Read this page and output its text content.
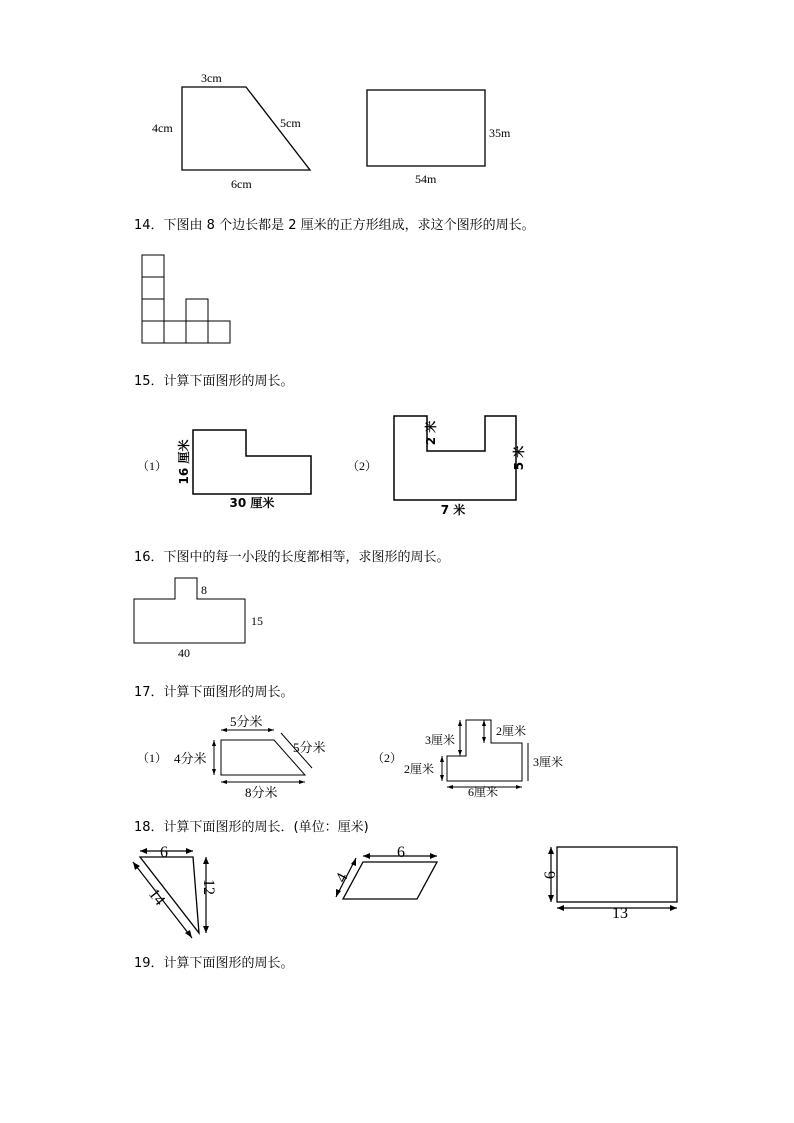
3cm
4cm	5cm
6cm
35m
54m
14．下图由 8 个边长都是 2 厘米的正方形组成，求这个图形的周长。
15．计算下面图形的周长。
（1） 16 厘米
30 厘米
（2）
2 米
5 米
7 米
16．下图中的每一小段的长度都相等，求图形的周长。
8
15
40
17．计算下面图形的周长。
（1）
5分米
4分米
5分米
8分米
（2）
3厘米
2厘米
2厘米	3厘米
6厘米
18．计算下面图形的周长．(单位：厘米)
6
12
14
6
4	6
13
19．计算下面图形的周长。
